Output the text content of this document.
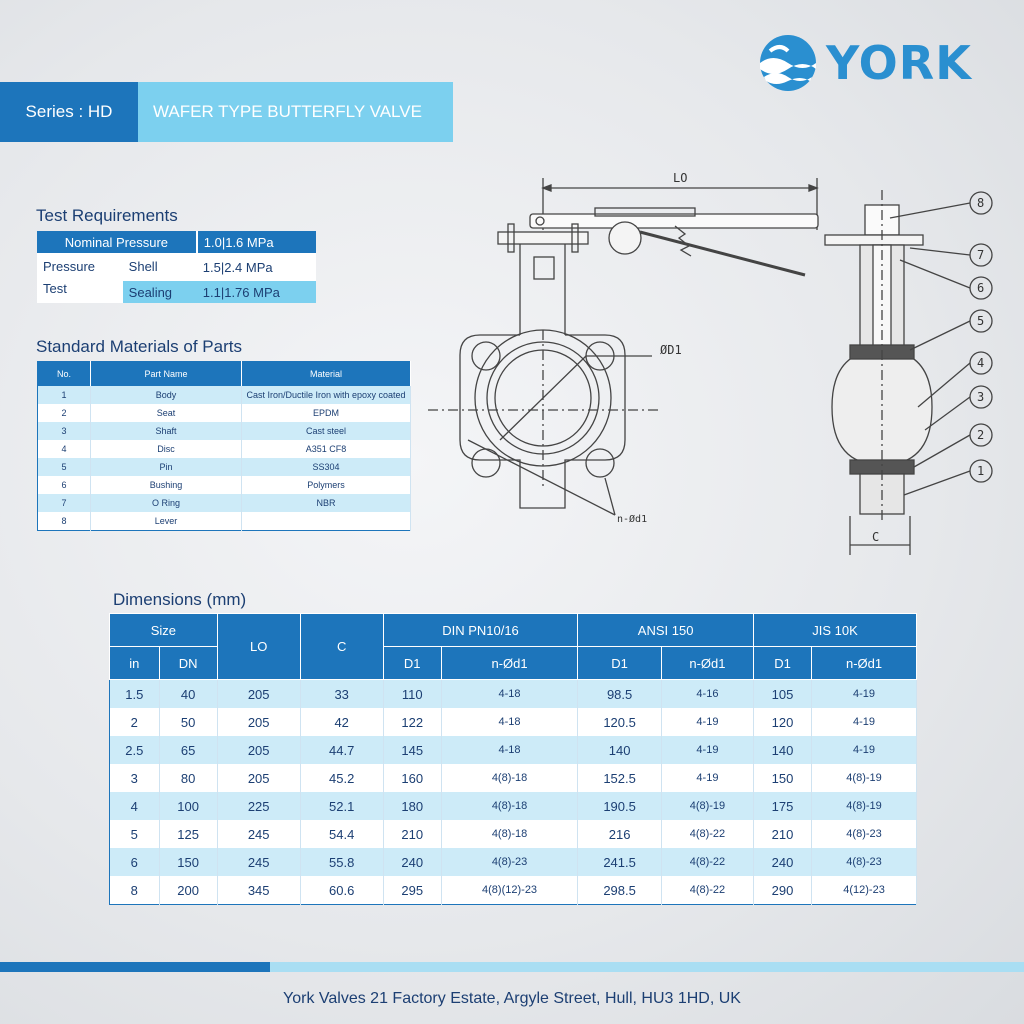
YORK
Series : HD	WAFER TYPE BUTTERFLY VALVE
Test Requirements
Nominal Pressure		1.0|1.6 MPa
Pressure	Shell	1.5|2.4 MPa
Test	Sealing	1.1|1.76 MPa
Standard Materials of Parts
No.	Part Name	Material
1	Body	Cast Iron/Ductile Iron with epoxy coated
2	Seat	EPDM
3	Shaft	Cast steel
4	Disc	A351 CF8
5	Pin	SS304
6	Bushing	Polymers
7	O Ring	NBR
8	Lever	
LO
ØD1
n-Ød1
C
8
7
6
5
4
3
2
1
Dimensions (mm)
Size		LO	C	DIN PN10/16		ANSI 150		JIS 10K	
in	DN			D1	n-Ød1	D1	n-Ød1	D1	n-Ød1
1.5	40	205	33	110	4-18	98.5	4-16	105	4-19
2	50	205	42	122	4-18	120.5	4-19	120	4-19
2.5	65	205	44.7	145	4-18	140	4-19	140	4-19
3	80	205	45.2	160	4(8)-18	152.5	4-19	150	4(8)-19
4	100	225	52.1	180	4(8)-18	190.5	4(8)-19	175	4(8)-19
5	125	245	54.4	210	4(8)-18	216	4(8)-22	210	4(8)-23
6	150	245	55.8	240	4(8)-23	241.5	4(8)-22	240	4(8)-23
8	200	345	60.6	295	4(8)(12)-23	298.5	4(8)-22	290	4(12)-23
York Valves 21 Factory Estate, Argyle Street, Hull, HU3 1HD, UK
